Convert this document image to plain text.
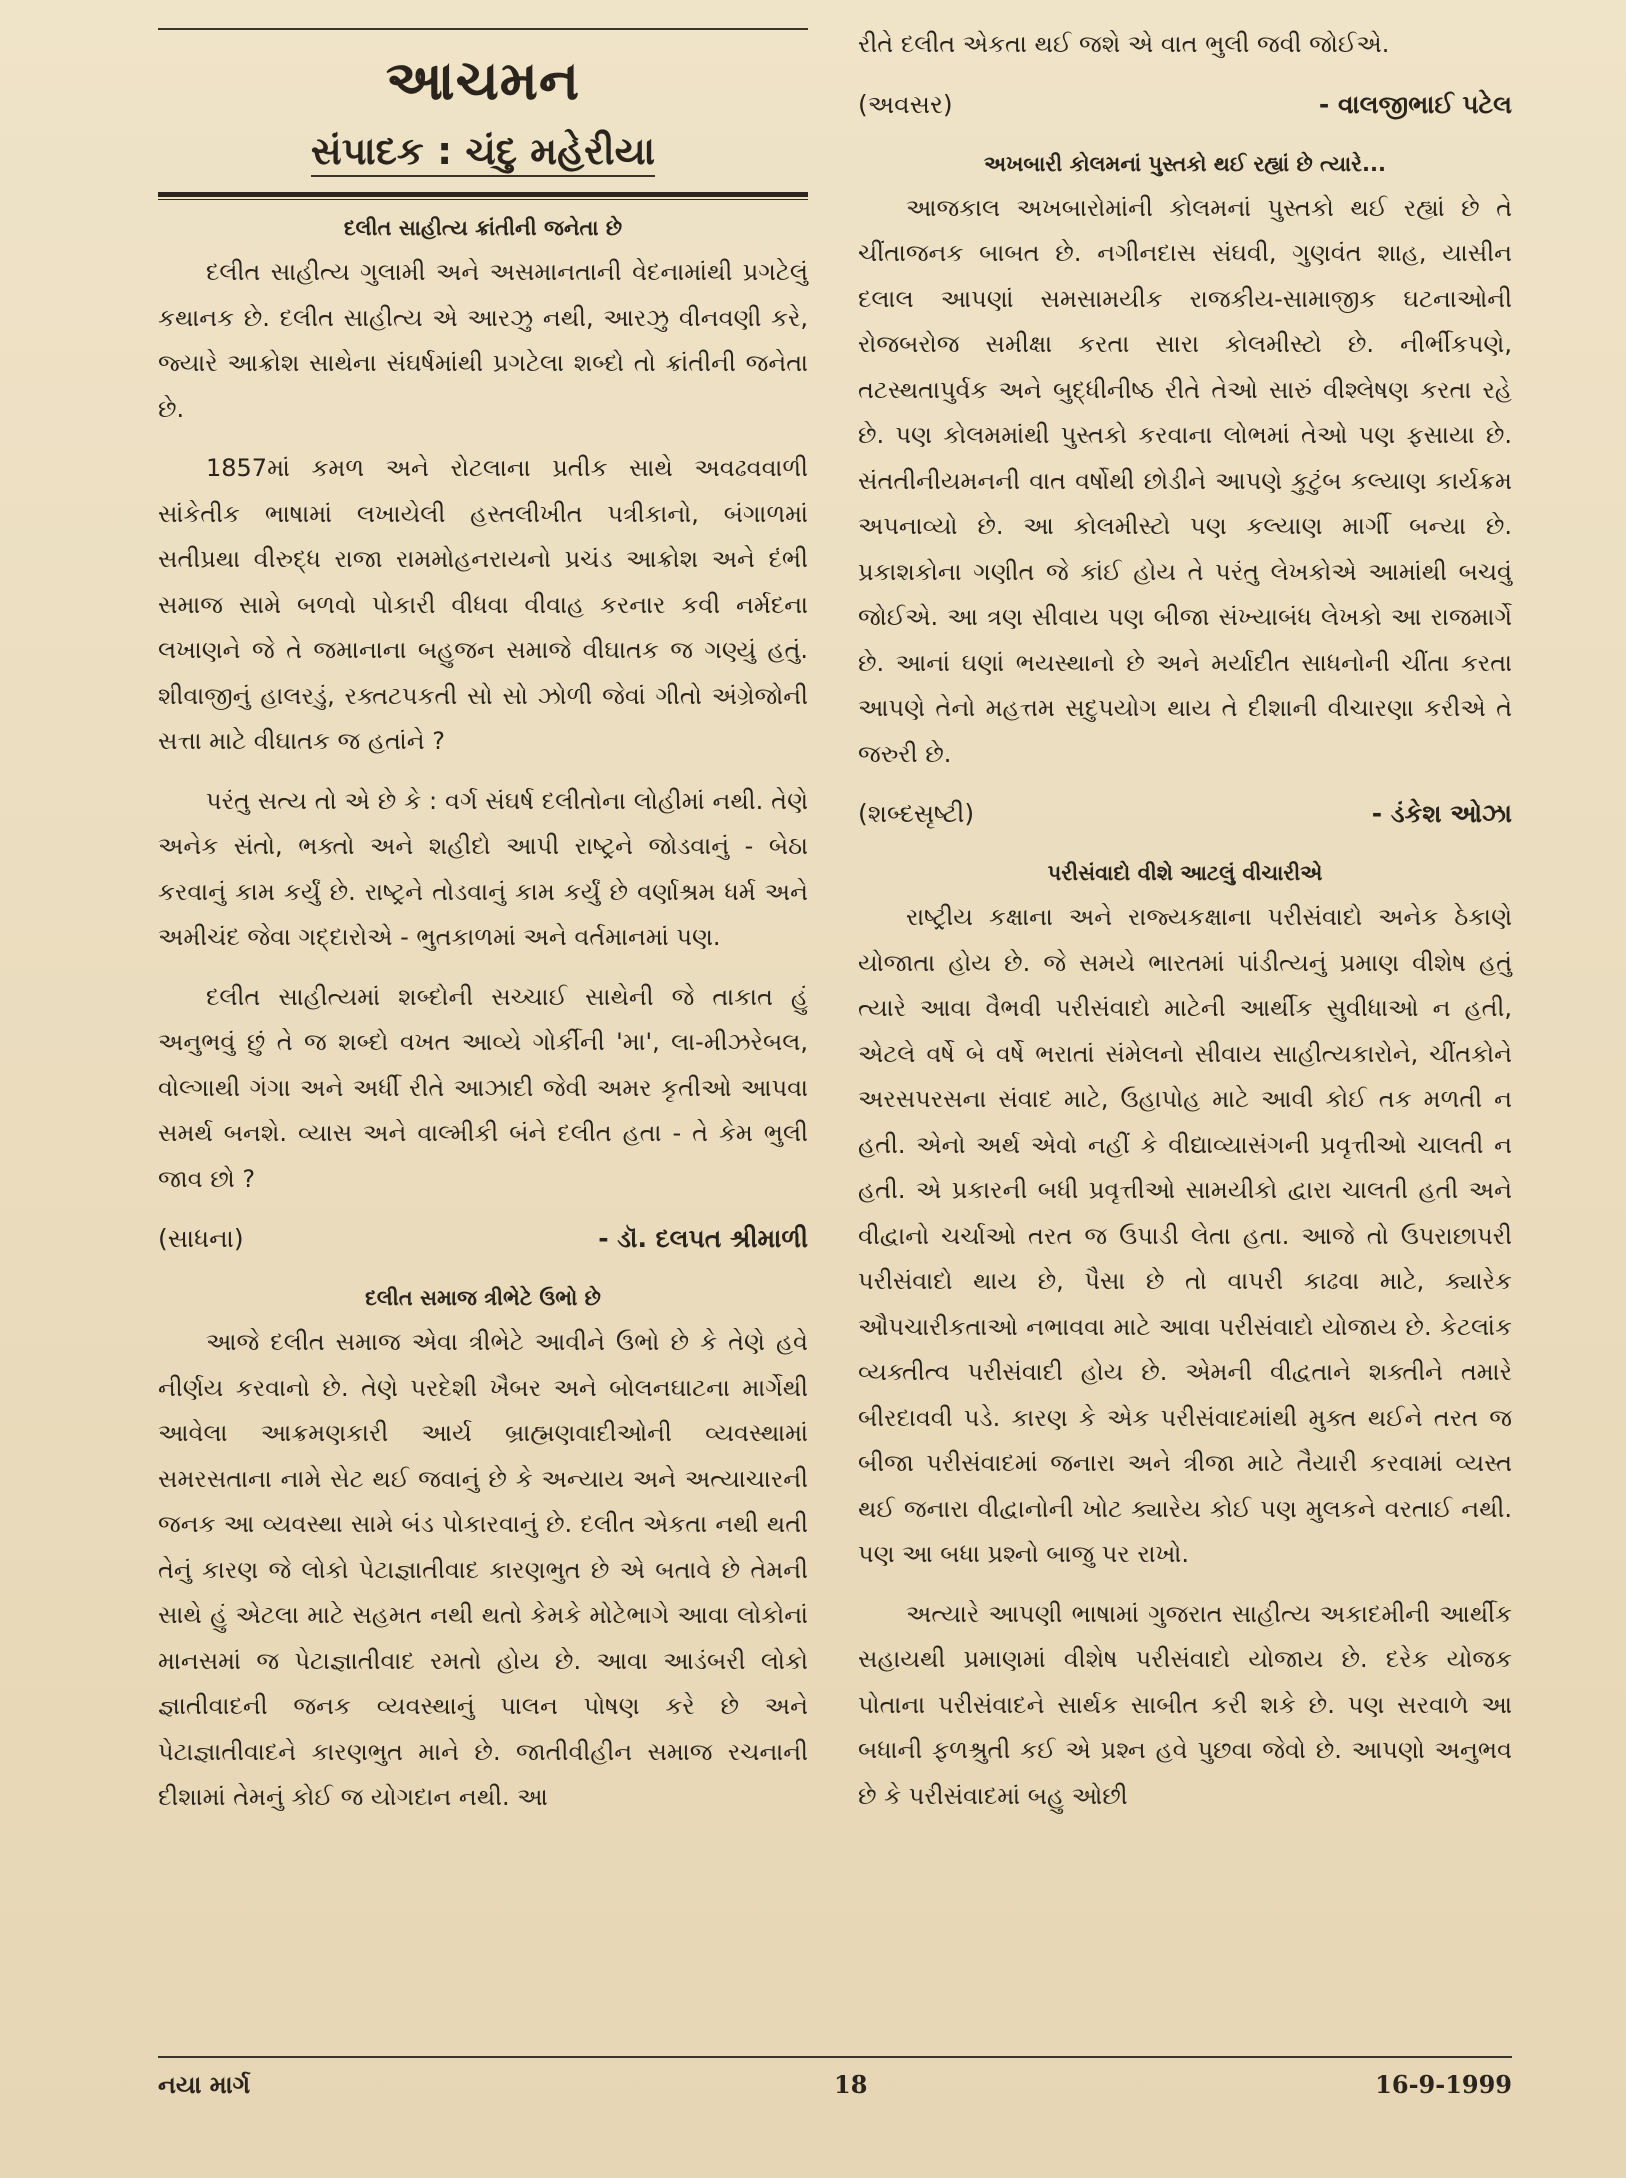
આચમન
સંપાદક : ચંદુ મહેરીયા
દલીત સાહીત્ય ક્રાંતીની જનેતા છે

દલીત સાહીત્ય ગુલામી અને અસમાનતાની વેદનામાંથી પ્રગટેલું કથાનક છે. દલીત સાહીત્ય એ આરઝુ નથી, આરઝુ વીનવણી કરે, જ્યારે આક્રોશ સાથેના સંઘર્ષમાંથી પ્રગટેલા શબ્દો તો ક્રાંતીની જનેતા છે.

1857માં કમળ અને રોટલાના પ્રતીક સાથે અવઢવવાળી સાંકેતીક ભાષામાં લખાયેલી હસ્તલીખીત પત્રીકાનો, બંગાળમાં સતીપ્રથા વીરુદ્ધ રાજા રામમોહનરાયનો પ્રચંડ આક્રોશ અને દંભી સમાજ સામે બળવો પોકારી વીધવા વીવાહ કરનાર કવી નર્મદના લખાણને જે તે જમાનાના બહુજન સમાજે વીઘાતક જ ગણ્યું હતું. શીવાજીનું હાલરડું, રક્તટપકતી સો સો ઝોળી જેવાં ગીતો અંગ્રેજોની સત્તા માટે વીઘાતક જ હતાંને ?

પરંતુ સત્ય તો એ છે કે : વર્ગ સંઘર્ષ દલીતોના લોહીમાં નથી. તેણે અનેક સંતો, ભક્તો અને શહીદો આપી રાષ્ટ્રને જોડવાનું - બેઠા કરવાનું કામ કર્યું છે. રાષ્ટ્રને તોડવાનું કામ કર્યું છે વર્ણાશ્રમ ધર્મ અને અમીચંદ જેવા ગદ્દારોએ - ભુતકાળમાં અને વર્તમાનમાં પણ.

દલીત સાહીત્યમાં શબ્દોની સચ્ચાઈ સાથેની જે તાકાત હું અનુભવું છું તે જ શબ્દો વખત આવ્યે ગોર્કીની 'મા', લા-મીઝરેબલ, વોલ્ગાથી ગંગા અને અર્ધી રીતે આઝાદી જેવી અમર કૃતીઓ આપવા સમર્થ બનશે. વ્યાસ અને વાલ્મીકી બંને દલીત હતા - તે કેમ ભુલી જાવ છો ?

(સાધના)	- ડૉ. દલપત શ્રીમાળી
દલીત સમાજ ત્રીભેટે ઉભો છે

આજે દલીત સમાજ એવા ત્રીભેટે આવીને ઉભો છે કે તેણે હવે નીર્ણય કરવાનો છે. તેણે પરદેશી ખૈબર અને બોલનઘાટના માર્ગેથી આવેલા આક્રમણકારી આર્ય બ્રાહ્મણવાદીઓની વ્યવસ્થામાં સમરસતાના નામે સેટ થઈ જવાનું છે કે અન્યાય અને અત્યાચારની જનક આ વ્યવસ્થા સામે બંડ પોકારવાનું છે. દલીત એકતા નથી થતી તેનું કારણ જે લોકો પેટાજ્ઞાતીવાદ કારણભુત છે એ બતાવે છે તેમની સાથે હું એટલા માટે સહમત નથી થતો કેમકે મોટેભાગે આવા લોકોનાં માનસમાં જ પેટાજ્ઞાતીવાદ રમતો હોય છે. આવા આડંબરી લોકો જ્ઞાતીવાદની જનક વ્યવસ્થાનું પાલન પોષણ કરે છે અને પેટાજ્ઞાતીવાદને કારણભુત માને છે. જાતીવીહીન સમાજ રચનાની દીશામાં તેમનું કોઈ જ યોગદાન નથી. આ

રીતે દલીત એકતા થઈ જશે એ વાત ભુલી જવી જોઈએ.

(અવસર)	- વાલજીભાઈ પટેલ
અખબારી કોલમનાં પુસ્તકો થઈ રહ્યાં છે ત્યારે...

આજકાલ અખબારોમાંની કોલમનાં પુસ્તકો થઈ રહ્યાં છે તે ચીંતાજનક બાબત છે. નગીનદાસ સંઘવી, ગુણવંત શાહ, યાસીન દલાલ આપણાં સમસામયીક રાજકીય-સામાજીક ઘટનાઓની રોજબરોજ સમીક્ષા કરતા સારા કોલમીસ્ટો છે. નીર્ભીકપણે, તટસ્થતાપુર્વક અને બુદ્ધીનીષ્ઠ રીતે તેઓ સારું વીશ્લેષણ કરતા રહે છે. પણ કોલમમાંથી પુસ્તકો કરવાના લોભમાં તેઓ પણ ફસાયા છે. સંતતીનીયમનની વાત વર્ષોથી છોડીને આપણે કુટુંબ કલ્યાણ કાર્યક્રમ અપનાવ્યો છે. આ કોલમીસ્ટો પણ કલ્યાણ માર્ગી બન્યા છે. પ્રકાશકોના ગણીત જે કાંઈ હોય તે પરંતુ લેખકોએ આમાંથી બચવું જોઈએ. આ ત્રણ સીવાય પણ બીજા સંખ્યાબંધ લેખકો આ રાજમાર્ગે છે. આનાં ઘણાં ભયસ્થાનો છે અને મર્યાદીત સાધનોની ચીંતા કરતા આપણે તેનો મહત્તમ સદુપયોગ થાય તે દીશાની વીચારણા કરીએ તે જરુરી છે.

(શબ્દસૃષ્ટી)	- ડંકેશ ઓઝા
પરીસંવાદો વીશે આટલું વીચારીએ

રાષ્ટ્રીય કક્ષાના અને રાજ્યકક્ષાના પરીસંવાદો અનેક ઠેકાણે યોજાતા હોય છે. જે સમયે ભારતમાં પાંડીત્યનું પ્રમાણ વીશેષ હતું ત્યારે આવા વૈભવી પરીસંવાદો માટેની આર્થીક સુવીધાઓ ન હતી, એટલે વર્ષે બે વર્ષે ભરાતાં સંમેલનો સીવાય સાહીત્યકારોને, ચીંતકોને અરસપરસના સંવાદ માટે, ઉહાપોહ માટે આવી કોઈ તક મળતી ન હતી. એનો અર્થ એવો નહીં કે વીદ્યાવ્યાસંગની પ્રવૃત્તીઓ ચાલતી ન હતી. એ પ્રકારની બધી પ્રવૃત્તીઓ સામયીકો દ્વારા ચાલતી હતી અને વીદ્વાનો ચર્ચાઓ તરત જ ઉપાડી લેતા હતા. આજે તો ઉપરાછાપરી પરીસંવાદો થાય છે, પૈસા છે તો વાપરી કાઢવા માટે, ક્યારેક ઔપચારીકતાઓ નભાવવા માટે આવા પરીસંવાદો યોજાય છે. કેટલાંક વ્યક્તીત્વ પરીસંવાદી હોય છે. એમની વીદ્વતાને શક્તીને તમારે બીરદાવવી પડે. કારણ કે એક પરીસંવાદમાંથી મુક્ત થઈને તરત જ બીજા પરીસંવાદમાં જનારા અને ત્રીજા માટે તૈયારી કરવામાં વ્યસ્ત થઈ જનારા વીદ્વાનોની ખોટ ક્યારેય કોઈ પણ મુલકને વરતાઈ નથી. પણ આ બધા પ્રશ્નો બાજુ પર રાખો.

અત્યારે આપણી ભાષામાં ગુજરાત સાહીત્ય અકાદમીની આર્થીક સહાયથી પ્રમાણમાં વીશેષ પરીસંવાદો યોજાય છે. દરેક યોજક પોતાના પરીસંવાદને સાર્થક સાબીત કરી શકે છે. પણ સરવાળે આ બધાની ફળશ્રુતી કઈ એ પ્રશ્ન હવે પુછવા જેવો છે. આપણો અનુભવ છે કે પરીસંવાદમાં બહુ ઓછી

નયા માર્ગ	18	16-9-1999
